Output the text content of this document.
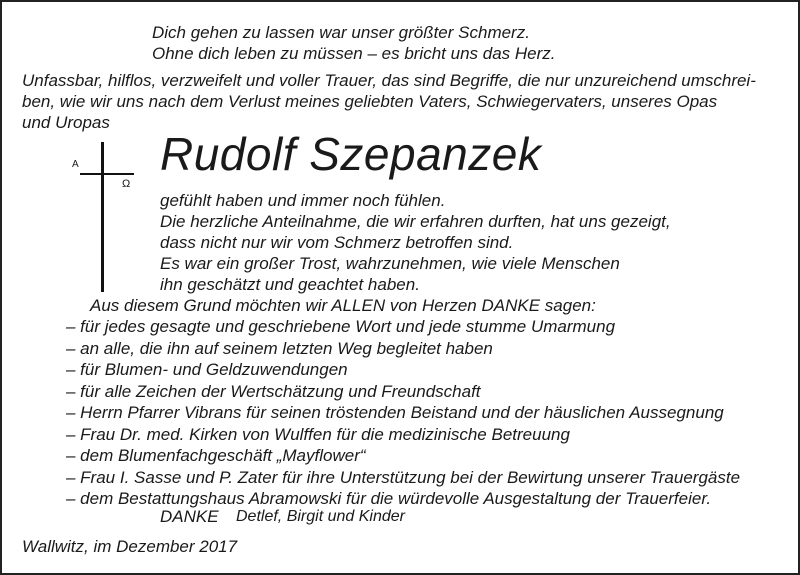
Dich gehen zu lassen war unser größter Schmerz.
Ohne dich leben zu müssen – es bricht uns das Herz.
Unfassbar, hilflos, verzweifelt und voller Trauer, das sind Begriffe, die nur unzureichend umschrei-
ben, wie wir uns nach dem Verlust meines geliebten Vaters, Schwiegervaters, unseres Opas
und Uropas
A
Ω
Rudolf Szepanzek
gefühlt haben und immer noch fühlen.
Die herzliche Anteilnahme, die wir erfahren durften, hat uns gezeigt,
dass nicht nur wir vom Schmerz betroffen sind.
Es war ein großer Trost, wahrzunehmen, wie viele Menschen
ihn geschätzt und geachtet haben.
Aus diesem Grund möchten wir ALLEN von Herzen DANKE sagen:
– für jedes gesagte und geschriebene Wort und jede stumme Umarmung
– an alle, die ihn auf seinem letzten Weg begleitet haben
– für Blumen- und Geldzuwendungen
– für alle Zeichen der Wertschätzung und Freundschaft
– Herrn Pfarrer Vibrans für seinen tröstenden Beistand und der häuslichen Aussegnung
– Frau Dr. med. Kirken von Wulffen für die medizinische Betreuung
– dem Blumenfachgeschäft „Mayflower“
– Frau I. Sasse und P. Zater für ihre Unterstützung bei der Bewirtung unserer Trauergäste
– dem Bestattungshaus Abramowski für die würdevolle Ausgestaltung der Trauerfeier.
DANKE Detlef, Birgit und Kinder
Wallwitz, im Dezember 2017
